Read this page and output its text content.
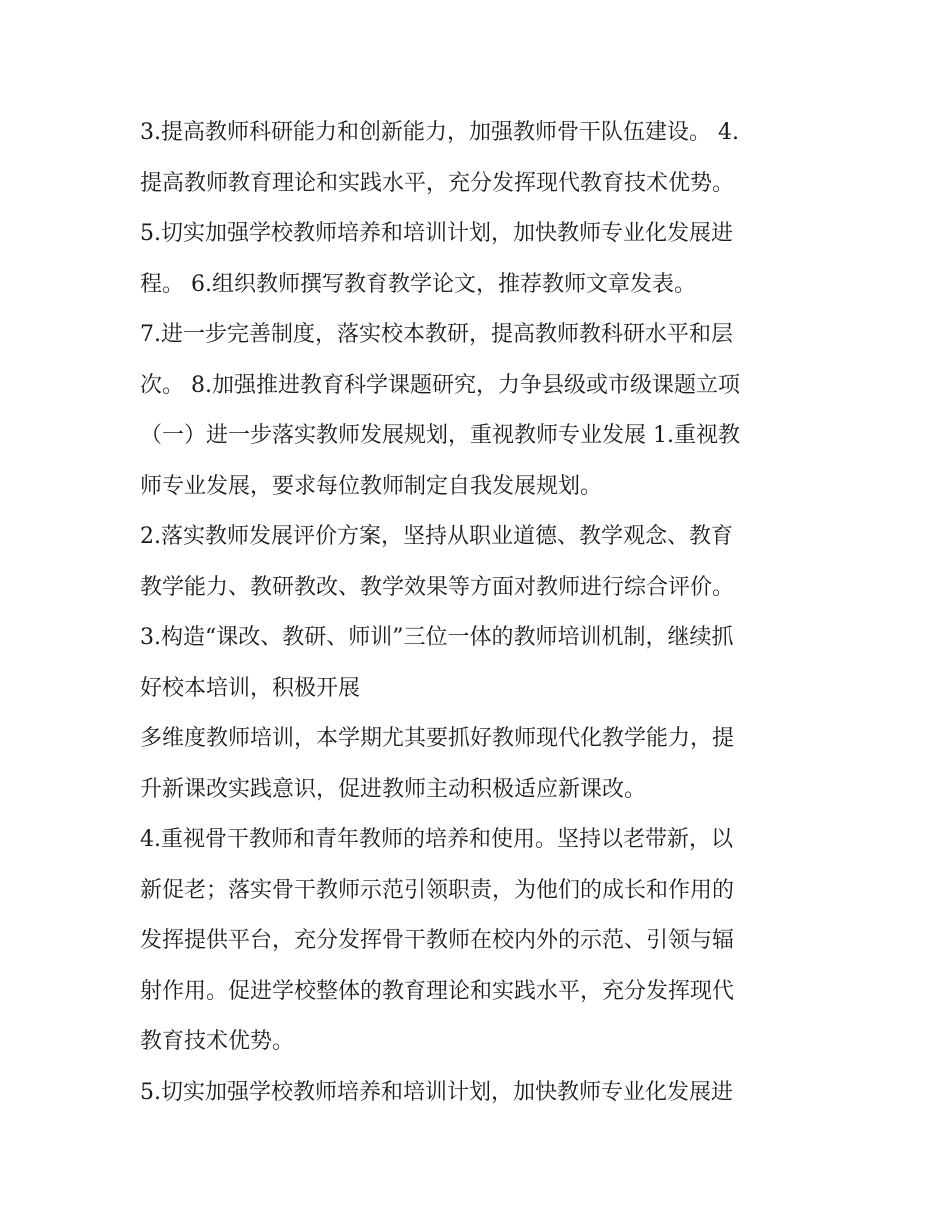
3.提高教师科研能力和创新能力，加强教师骨干队伍建设。 4.
提高教师教育理论和实践水平，充分发挥现代教育技术优势。
5.切实加强学校教师培养和培训计划，加快教师专业化发展进
程。 6.组织教师撰写教育教学论文，推荐教师文章发表。
7.进一步完善制度，落实校本教研，提高教师教科研水平和层
次。 8.加强推进教育科学课题研究，力争县级或市级课题立项
（一）进一步落实教师发展规划，重视教师专业发展 1.重视教
师专业发展，要求每位教师制定自我发展规划。
2.落实教师发展评价方案，坚持从职业道德、教学观念、教育
教学能力、教研教改、教学效果等方面对教师进行综合评价。
3.构造“课改、教研、师训”三位一体的教师培训机制，继续抓
好校本培训，积极开展
多维度教师培训，本学期尤其要抓好教师现代化教学能力，提
升新课改实践意识，促进教师主动积极适应新课改。
4.重视骨干教师和青年教师的培养和使用。坚持以老带新，以
新促老；落实骨干教师示范引领职责，为他们的成长和作用的
发挥提供平台，充分发挥骨干教师在校内外的示范、引领与辐
射作用。促进学校整体的教育理论和实践水平，充分发挥现代
教育技术优势。
5.切实加强学校教师培养和培训计划，加快教师专业化发展进
